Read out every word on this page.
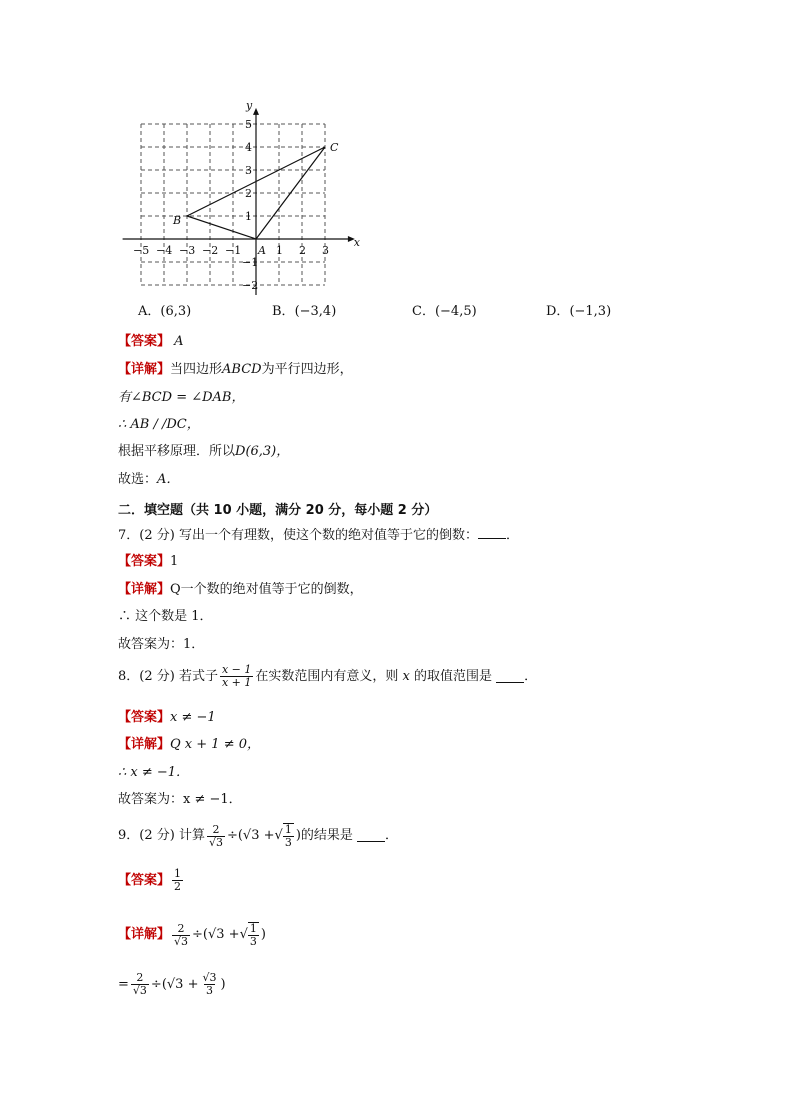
x
y
−5 −4 −3 −2 −1	1 2 3
5
4
3
2
1
−1
−2
A
B
C
A．(6,3)	B．(−3,4)	C．(−4,5)	D．(−1,3)
【答案】 A
【详解】当四边形ABCD为平行四边形，
有∠BCD = ∠DAB，
∴ AB / /DC，
根据平移原理．所以D(6,3)，
故选：A．
二．填空题（共 10 小题，满分 20 分，每小题 2 分）
7．(2 分) 写出一个有理数，使这个数的绝对值等于它的倒数： ．
【答案】1
【详解】Q一个数的绝对值等于它的倒数，
∴ 这个数是 1．
故答案为：1．
8．(2 分) 若式子 $\frac{x - 1}{x + 1}$ 在实数范围内有意义，则
x
的取值范围是
．
【答案】x ≠ −1
【详解】Q x + 1 ≠ 0，
∴ x ≠ −1．
故答案为：x ≠ −1．
9．(2 分) 计算 $\frac{2}{√3} \div(√3$ + √ $\frac{1}{3}$ ) 的结果是
．
【答案】 $\frac{1}{2}$
【详解】 $\frac{2}{√3} \div(√3$ + √ $\frac{1}{3}$ )
= $\frac{2}{√3} \div(√3 + \frac{√3}{3}$ )
